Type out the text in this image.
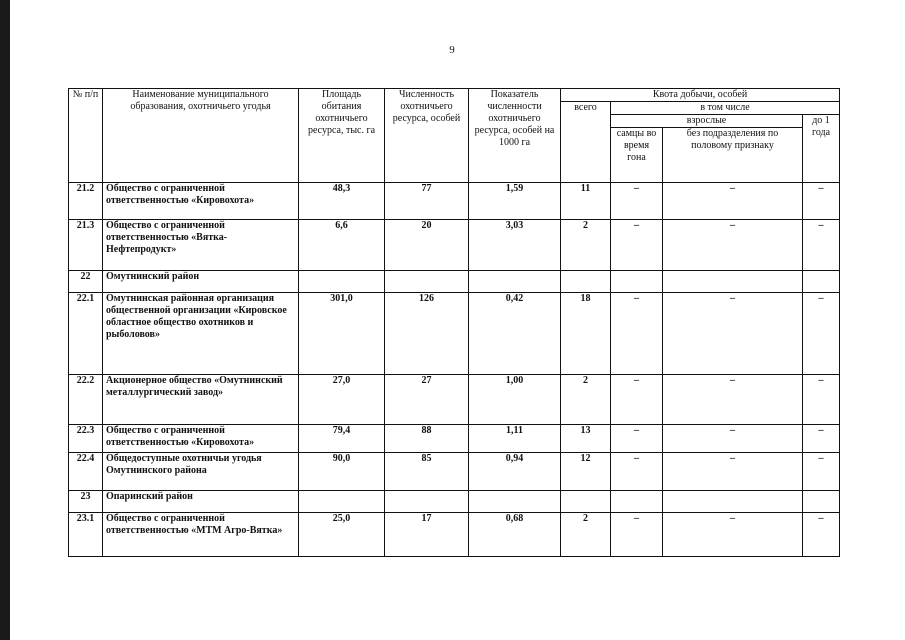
9
№ п/п	Наименование муниципального образования, охотничьего угодья	Площадь обитания охотничьего ресурса, тыс. га	Численность охотничьего ресурса, особей	Показатель численности охотничьего ресурса, особей на 1000 га	Квота добычи, особей			
					всего	в том числе		
						взрослые		до 1 года
						самцы во время гона	без подразделения по половому признаку	
21.2	Общество с ограниченной ответственностью «Кировохота»	48,3	77	1,59	11	–	–	–
21.3	Общество с ограниченной ответственностью «Вятка-Нефтепродукт»	6,6	20	3,03	2	–	–	–
22	Омутнинский район							
22.1	Омутнинская районная организация общественной организации «Кировское областное общество охотников и рыболовов»	301,0	126	0,42	18	–	–	–
22.2	Акционерное общество «Омутнинский металлургический завод»	27,0	27	1,00	2	–	–	–
22.3	Общество с ограниченной ответственностью «Кировохота»	79,4	88	1,11	13	–	–	–
22.4	Общедоступные охотничьи угодья Омутнинского района	90,0	85	0,94	12	–	–	–
23	Опаринский район							
23.1	Общество с ограниченной ответственностью «МТМ Агро-Вятка»	25,0	17	0,68	2	–	–	–
